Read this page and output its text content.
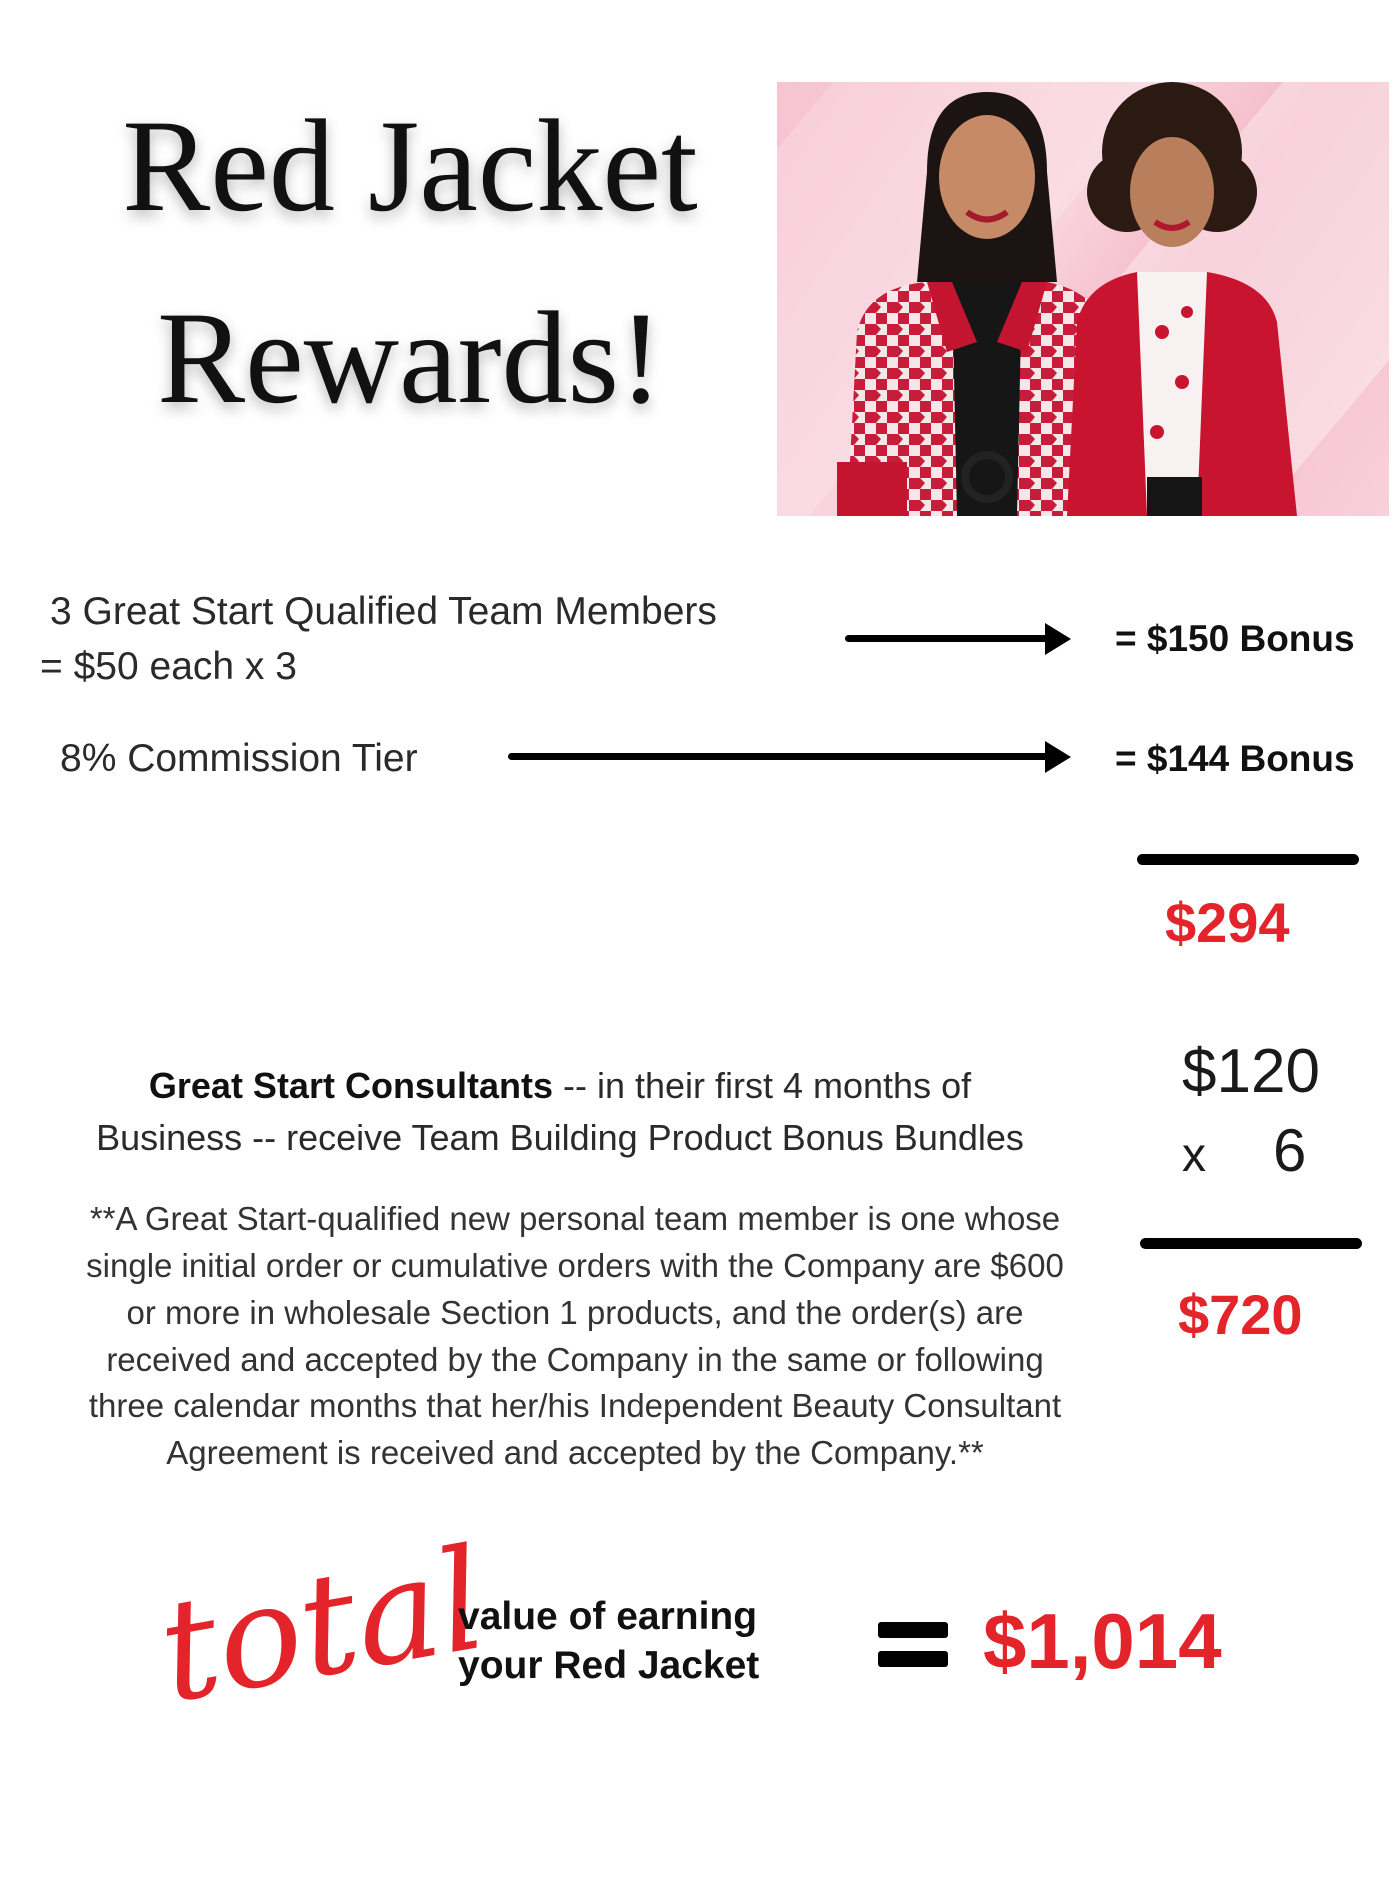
Red Jacket
Rewards!
3 Great Start Qualified Team Members
= $50 each x 3
= $150 Bonus
8% Commission Tier	= $144 Bonus
$294
Great Start Consultants -- in their first 4 months of
Business -- receive Team Building Product Bonus Bundles
$120
x 6
$720
**A Great Start-qualified new personal team member is one whose
single initial order or cumulative orders with the Company are $600
or more in wholesale Section 1 products, and the order(s) are
received and accepted by the Company in the same or following
three calendar months that her/his Independent Beauty Consultant
Agreement is received and accepted by the Company.**
total
value of earning
your Red Jacket	$1,014
